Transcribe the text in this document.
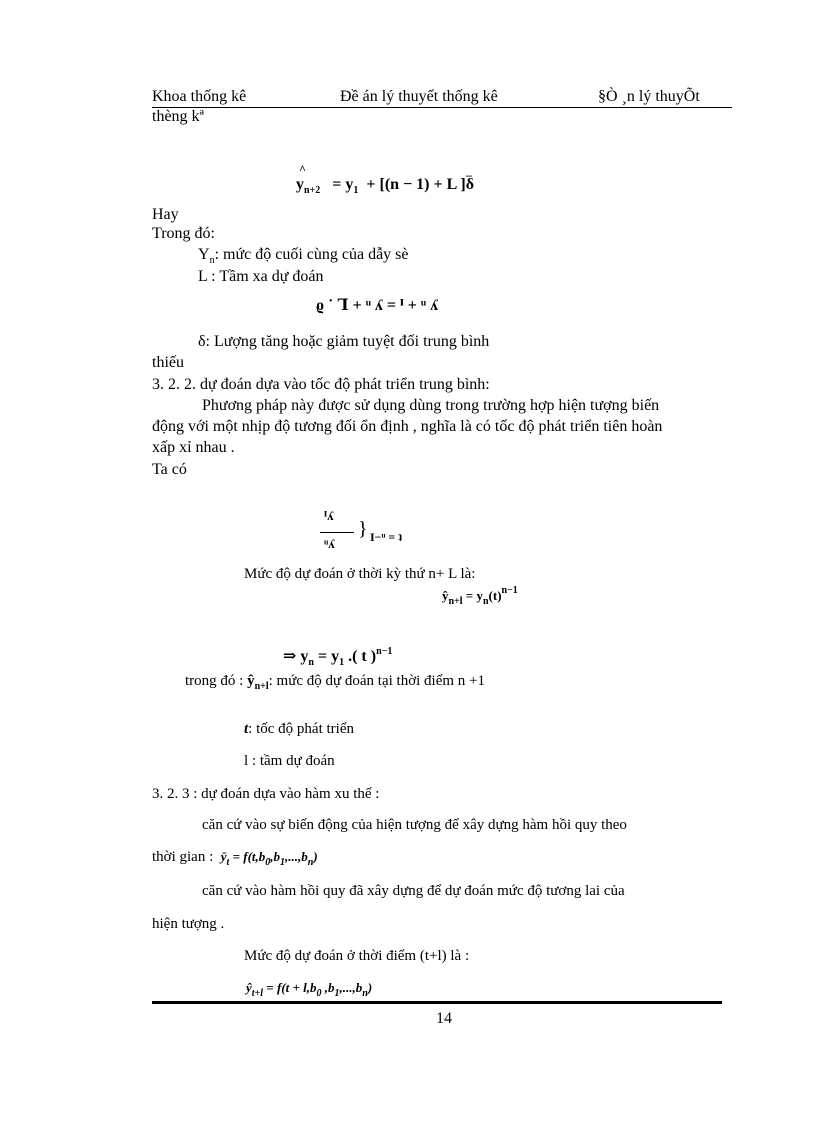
Khoa thống kê	Đề án lý thuyết thống kê	§Ò ¸n lý thuyÕt
thèng kª
^
$y_{n+2} = y_1 + [(n - 1) + L$ ]δ
_
Hay
Trong đó:
$Y_n$: mức độ cuối cùng của dẫy sè
L : Tầm xa dự đoán
ϱ ˙ Ꞁ + ᵘ ʎ = ᴵ + ᵘ ʎ
δ: Lượng tăng hoặc giảm tuyệt đối trung bình
thiếu
3. 2. 2. dự đoán dựa vào tốc độ phát triển trung bình:
Phương pháp này được sử dụng dùng trong trường hợp hiện tượng biến
động với một nhịp độ tương đối ổn định , nghĩa là có tốc độ phát triển tiên hoàn
xấp xỉ nhau .
Ta có
ᴵʎ
ᵘʎ
} I−ᵘ = ʇ
Mức độ dự đoán ở thời kỳ thứ n+ L là:
$ŷ_{n+l} = y_n(t)^{n-1}$
⇒ $y_n = y_1$ .( t )$^{n-1}$
trong đó : $ŷ_{n+l}$: mức độ dự đoán tại thời điểm n +1
t: tốc độ phát triển
l : tầm dự đoán
3. 2. 3 : dự đoán dựa vào hàm xu thế :
căn cứ vào sự biến động của hiện tượng để xây dựng hàm hồi quy theo
thời gian : $ȳ_t = f(t,b_0,b_1,...,b_n)$
căn cứ vào hàm hồi quy đã xây dựng để dự đoán mức độ tương lai của
hiện tượng .
Mức độ dự đoán ở thời điểm (t+l) là :
$ŷ_{t+l} = f(t + l,b_0$ $,b_1,...,b_n$)
14
